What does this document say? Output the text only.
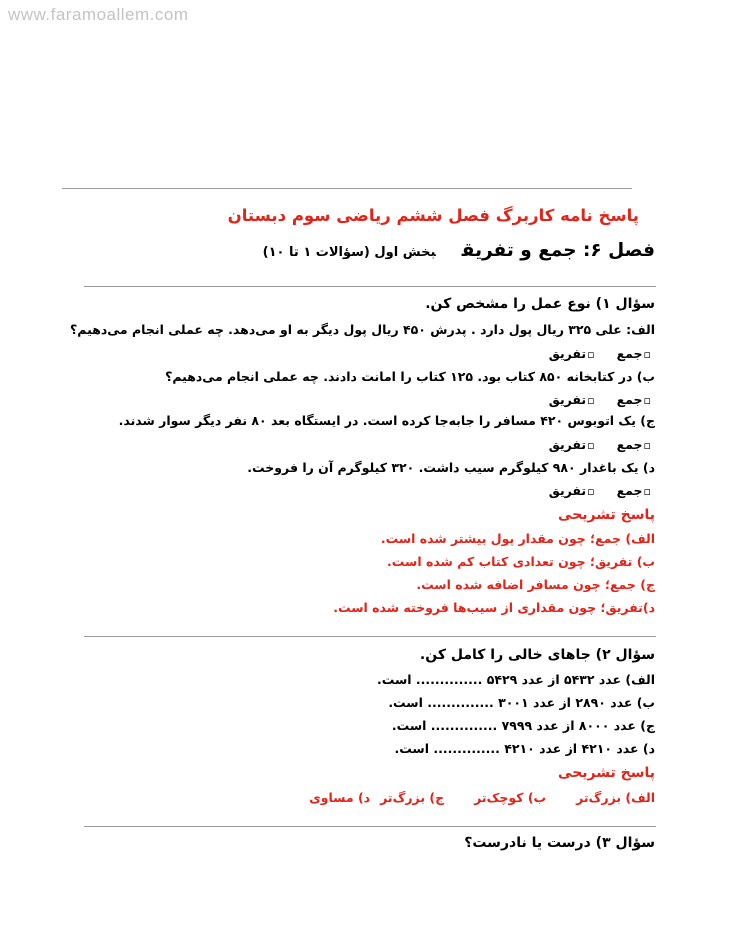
www.faramoallem.com
پاسخ نامه کاربرگ فصل ششم ریاضی سوم دبستان
فصل ۶: جمع و تفریقبخش اول (سؤالات ۱ تا ۱۰)
سؤال ۱) نوع عمل را مشخص کن.
الف: علی ۳۲۵ ریال پول دارد . پدرش ۴۵۰ ریال پول دیگر به او می‌دهد. چه عملی انجام می‌دهیم؟
▫جمع▫تفریق
ب) در کتابخانه ۸۵۰ کتاب بود. ۱۲۵ کتاب را امانت دادند. چه عملی انجام می‌دهیم؟
▫جمع▫تفریق
ج) یک اتوبوس ۴۲۰ مسافر را جابه‌جا کرده است. در ایستگاه بعد ۸۰ نفر دیگر سوار شدند.
▫جمع▫تفریق
د) یک باغدار ۹۸۰ کیلوگرم سیب داشت. ۳۲۰ کیلوگرم آن را فروخت.
▫جمع▫تفریق
پاسخ تشریحی
الف) جمع؛ چون مقدار پول بیشتر شده است.
ب) تفریق؛ چون تعدادی کتاب کم شده است.
ج) جمع؛ چون مسافر اضافه شده است.
د)تفریق؛ چون مقداری از سیب‌ها فروخته شده است.
سؤال ۲) جاهای خالی را کامل کن.
الف) عدد ۵۴۳۲ از عدد ۵۴۲۹ .............. است.
ب) عدد ۲۸۹۰ از عدد ۳۰۰۱ .............. است.
ج) عدد ۸۰۰۰ از عدد ۷۹۹۹ .............. است.
د) عدد ۴۲۱۰ از عدد ۴۲۱۰ .............. است.
پاسخ تشریحی
الف) بزرگ‌ترب) کوچک‌ترج) بزرگ‌ترد) مساوی
سؤال ۳) درست یا نادرست؟
